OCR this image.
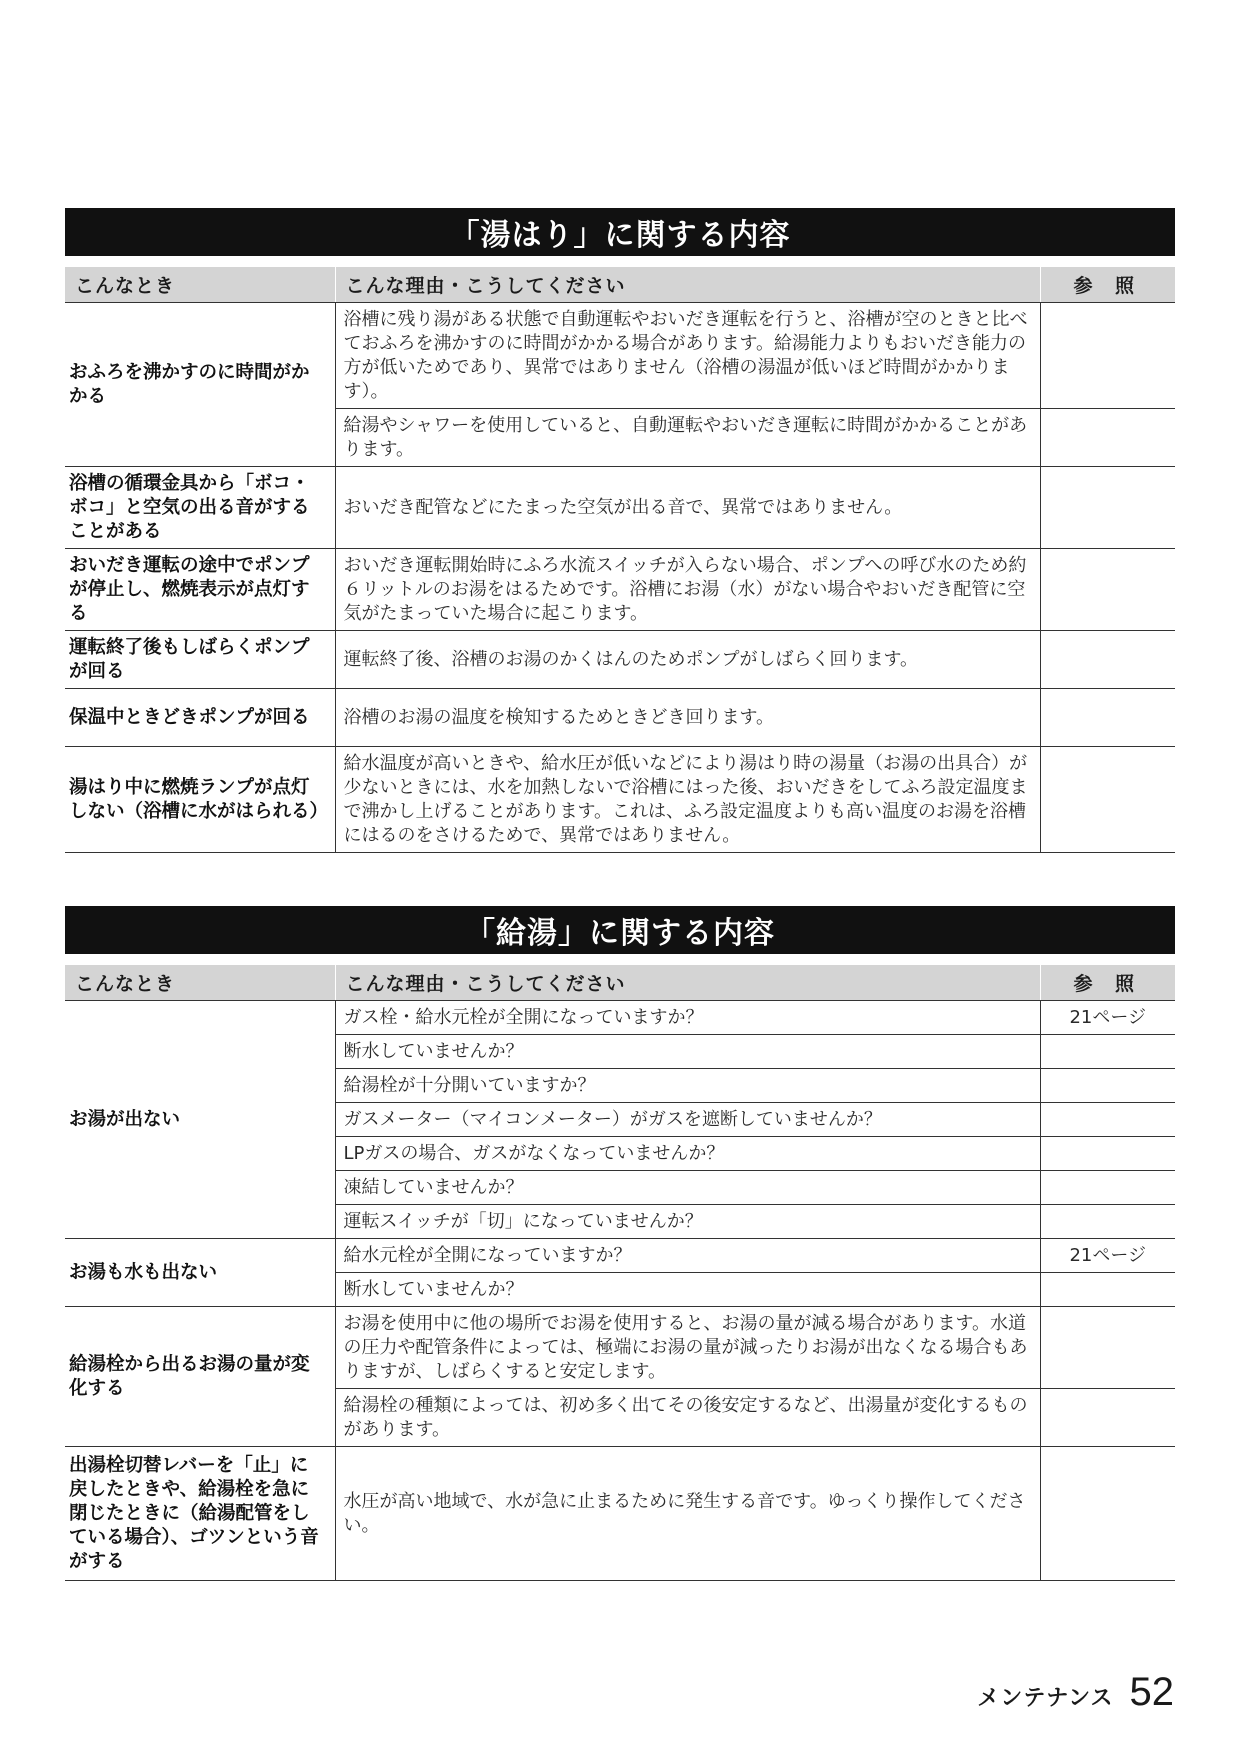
「湯はり」に関する内容
こんなとき	こんな理由・こうしてください	参 照
おふろを沸かすのに時間がかかる	浴槽に残り湯がある状態で自動運転やおいだき運転を行うと、浴槽が空のときと比べておふろを沸かすのに時間がかかる場合があります。給湯能力よりもおいだき能力の方が低いためであり、異常ではありません（浴槽の湯温が低いほど時間がかかります）。	
	給湯やシャワーを使用していると、自動運転やおいだき運転に時間がかかることがあります。	
浴槽の循環金具から「ボコ・ボコ」と空気の出る音がすることがある	おいだき配管などにたまった空気が出る音で、異常ではありません。	
おいだき運転の途中でポンプが停止し、燃焼表示が点灯する	おいだき運転開始時にふろ水流スイッチが入らない場合、ポンプへの呼び水のため約６リットルのお湯をはるためです。浴槽にお湯（水）がない場合やおいだき配管に空気がたまっていた場合に起こります。	
運転終了後もしばらくポンプが回る	運転終了後、浴槽のお湯のかくはんのためポンプがしばらく回ります。	
保温中ときどきポンプが回る	浴槽のお湯の温度を検知するためときどき回ります。	
湯はり中に燃焼ランプが点灯しない（浴槽に水がはられる）	給水温度が高いときや、給水圧が低いなどにより湯はり時の湯量（お湯の出具合）が少ないときには、水を加熱しないで浴槽にはった後、おいだきをしてふろ設定温度まで沸かし上げることがあります。これは、ふろ設定温度よりも高い温度のお湯を浴槽にはるのをさけるためで、異常ではありません。	
「給湯」に関する内容
こんなとき	こんな理由・こうしてください	参 照
お湯が出ない	ガス栓・給水元栓が全開になっていますか？	21ページ
	断水していませんか？	
	給湯栓が十分開いていますか？	
	ガスメーター（マイコンメーター）がガスを遮断していませんか？	
	LPガスの場合、ガスがなくなっていませんか？	
	凍結していませんか？	
	運転スイッチが「切」になっていませんか？	
お湯も水も出ない	給水元栓が全開になっていますか？	21ページ
	断水していませんか？	
給湯栓から出るお湯の量が変化する	お湯を使用中に他の場所でお湯を使用すると、お湯の量が減る場合があります。水道の圧力や配管条件によっては、極端にお湯の量が減ったりお湯が出なくなる場合もありますが、しばらくすると安定します。	
	給湯栓の種類によっては、初め多く出てその後安定するなど、出湯量が変化するものがあります。	
出湯栓切替レバーを「止」に戻したときや、給湯栓を急に閉じたときに（給湯配管をしている場合）、ゴツンという音がする	水圧が高い地域で、水が急に止まるために発生する音です。ゆっくり操作してください。	
メンテナンス 52
